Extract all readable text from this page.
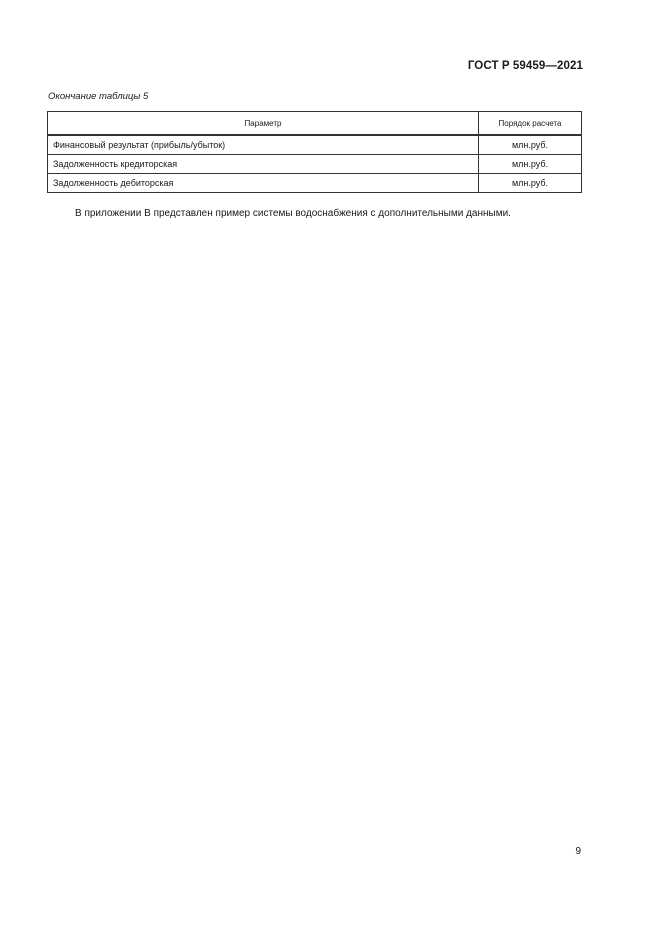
ГОСТ Р 59459—2021
Окончание таблицы 5
Параметр	Порядок расчета
Финансовый результат (прибыль/убыток)	млн.руб.
Задолженность кредиторская	млн.руб.
Задолженность дебиторская	млн.руб.
В приложении В представлен пример системы водоснабжения с дополнительными данными.
9
